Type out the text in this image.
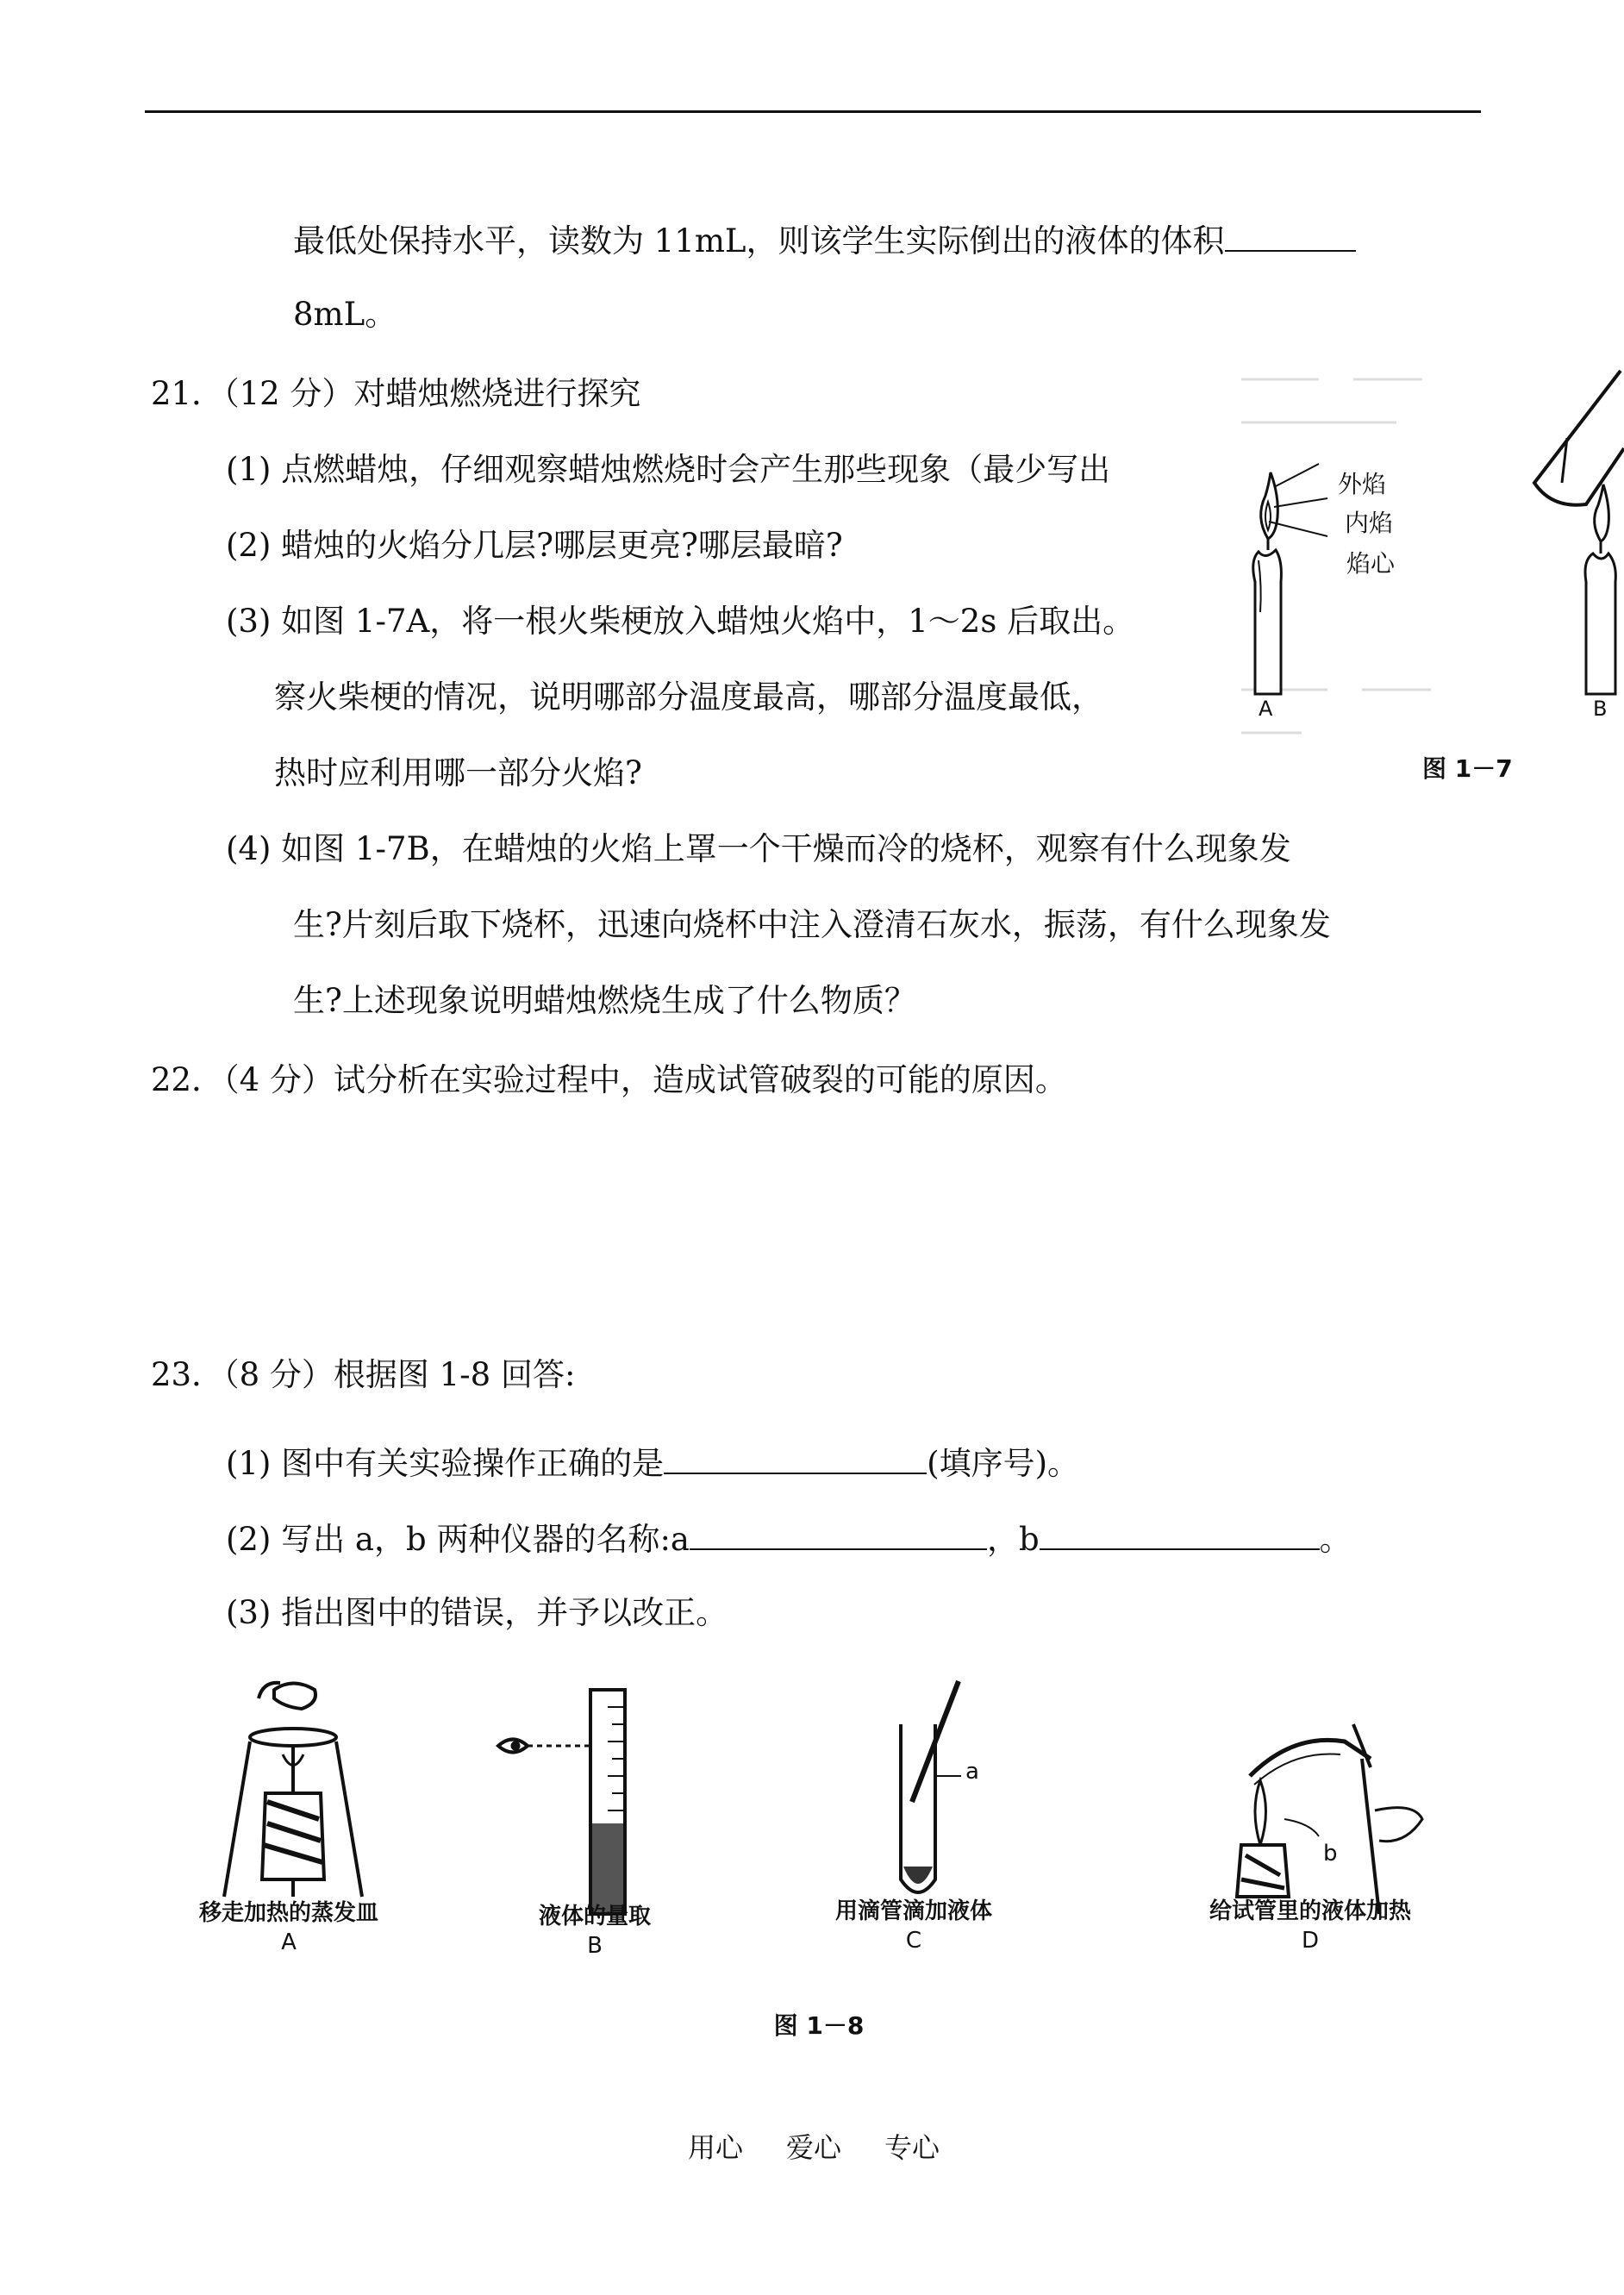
最低处保持水平，读数为 11mL，则该学生实际倒出的液体的体积
8mL。
21．（12 分）对蜡烛燃烧进行探究
(1) 点燃蜡烛，仔细观察蜡烛燃烧时会产生那些现象（最少写出
(2) 蜡烛的火焰分几层?哪层更亮?哪层最暗?
(3) 如图 1-7A，将一根火柴梗放入蜡烛火焰中，1～2s 后取出。
察火柴梗的情况，说明哪部分温度最高，哪部分温度最低，
热时应利用哪一部分火焰?
(4) 如图 1-7B，在蜡烛的火焰上罩一个干燥而冷的烧杯，观察有什么现象发
生?片刻后取下烧杯，迅速向烧杯中注入澄清石灰水，振荡，有什么现象发
生?上述现象说明蜡烛燃烧生成了什么物质？
22．（4 分）试分析在实验过程中，造成试管破裂的可能的原因。
23．（8 分）根据图 1-8 回答:
(1) 图中有关实验操作正确的是	(填序号)。
(2) 写出 a，b 两种仪器的名称:a	，b	。
(3) 指出图中的错误，并予以改正。
外焰
内焰
焰心
A	B
图 1－7
a
b
移走加热的蒸发皿
A
液体的量取
B
用滴管滴加液体
C
给试管里的液体加热
D
图 1－8
用心 爱心 专心
